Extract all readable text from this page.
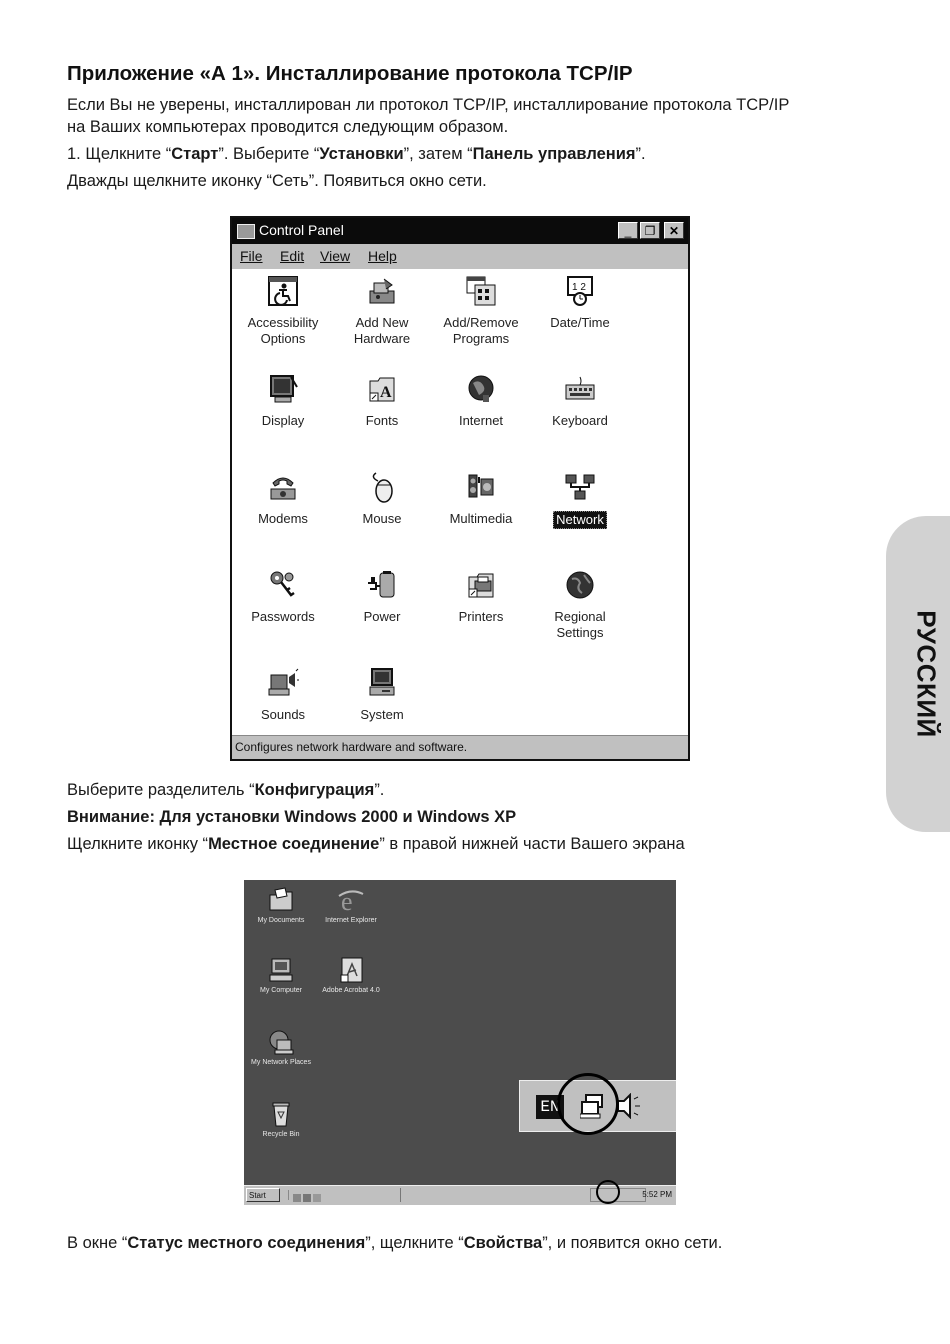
Приложение «А 1». Инсталлирование протокола TCP/IP
Если Вы не уверены, инсталлирован ли протокол TCP/IP, инсталлирование протокола TCP/IP
на Ваших компьютерах проводится следующим образом.
1. Щелкните “Старт”. Выберите “Установки”, затем “Панель управления”.
Дважды щелкните иконку “Сеть”. Появиться окно сети.
Control Panel	_	❐	✕
File Edit View Help
Accessibility
Options
Add New
Hardware
Add/Remove
Programs
1 2
Date/Time
Display
A
Fonts	Internet	Keyboard
Modems	Mouse	Multimedia	Network
Passwords	Power	Printers	Regional
Settings
Sounds	System
Configures network hardware and software.
Выберите разделитель “Конфигурация”.
Внимание: Для установки Windows 2000 и Windows XP
Щелкните иконку “Местное соединение” в правой нижней части Вашего экрана
My Documents
e
Internet Explorer
My Computer	Adobe Acrobat 4.0
My Network Places
Recycle Bin
EN
Start	5:52 PM
В окне “Статус местного соединения”, щелкните “Свойства”, и появится окно сети.
РУССКИЙ
